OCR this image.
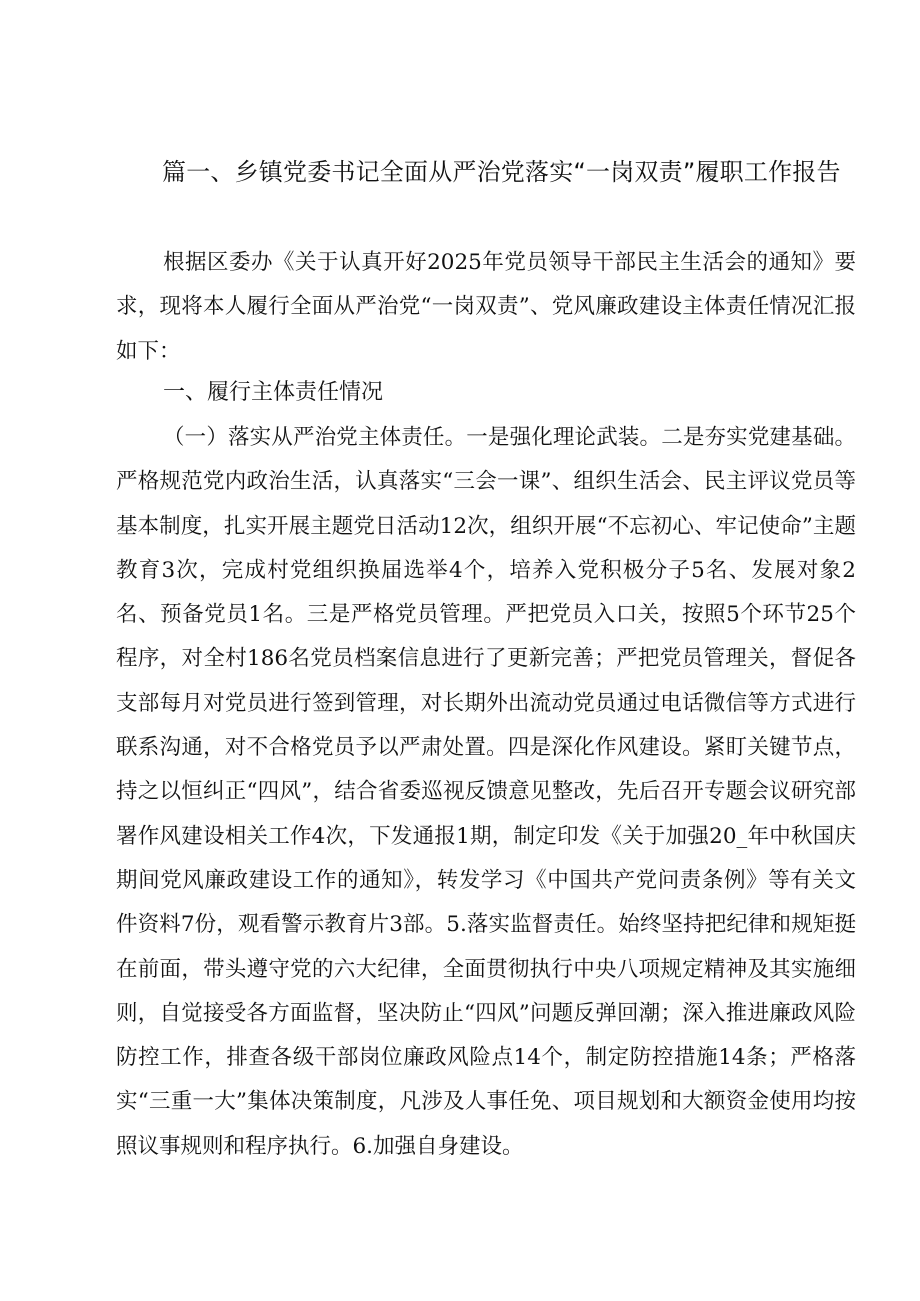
篇一、乡镇党委书记全面从严治党落实“一岗双责”履职工作报告

根据区委办《关于认真开好2025年党员领导干部民主生活会的通知》要求，现将本人履行全面从严治党“一岗双责”、党风廉政建设主体责任情况汇报如下：

一、履行主体责任情况

（一）落实从严治党主体责任。一是强化理论武装。二是夯实党建基础。严格规范党内政治生活，认真落实“三会一课”、组织生活会、民主评议党员等基本制度，扎实开展主题党日活动12次，组织开展“不忘初心、牢记使命”主题教育3次，完成村党组织换届选举4个，培养入党积极分子5名、发展对象2名、预备党员1名。三是严格党员管理。严把党员入口关，按照5个环节25个程序，对全村186名党员档案信息进行了更新完善；严把党员管理关，督促各支部每月对党员进行签到管理，对长期外出流动党员通过电话微信等方式进行联系沟通，对不合格党员予以严肃处置。四是深化作风建设。紧盯关键节点，持之以恒纠正“四风”，结合省委巡视反馈意见整改，先后召开专题会议研究部署作风建设相关工作4次，下发通报1期，制定印发《关于加强20_年中秋国庆期间党风廉政建设工作的通知》，转发学习《中国共产党问责条例》等有关文件资料7份，观看警示教育片3部。5.落实监督责任。始终坚持把纪律和规矩挺在前面，带头遵守党的六大纪律，全面贯彻执行中央八项规定精神及其实施细则，自觉接受各方面监督，坚决防止“四风”问题反弹回潮；深入推进廉政风险防控工作，排查各级干部岗位廉政风险点14个，制定防控措施14条；严格落实“三重一大”集体决策制度，凡涉及人事任免、项目规划和大额资金使用均按照议事规则和程序执行。6.加强自身建设。
